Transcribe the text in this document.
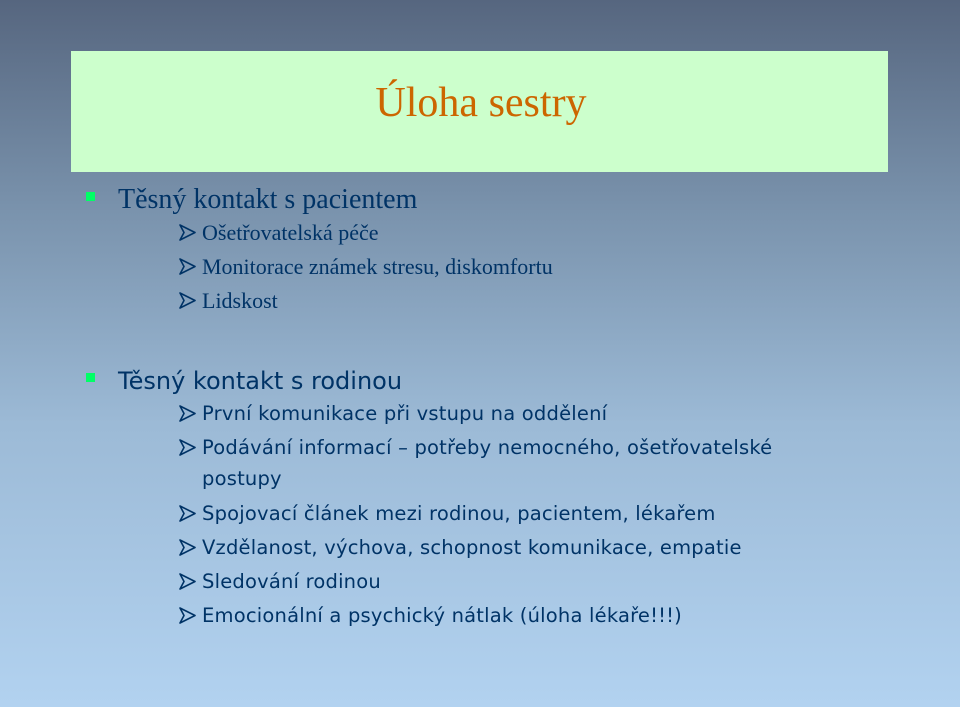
Úloha sestry
Těsný kontakt s pacientem
Ošetřovatelská péče
Monitorace známek stresu, diskomfortu
Lidskost
Těsný kontakt s rodinou
První komunikace při vstupu na oddělení
Podávání informací – potřeby nemocného, ošetřovatelské
postupy
Spojovací článek mezi rodinou, pacientem, lékařem
Vzdělanost, výchova, schopnost komunikace, empatie
Sledování rodinou
Emocionální a psychický nátlak (úloha lékaře!!!)
